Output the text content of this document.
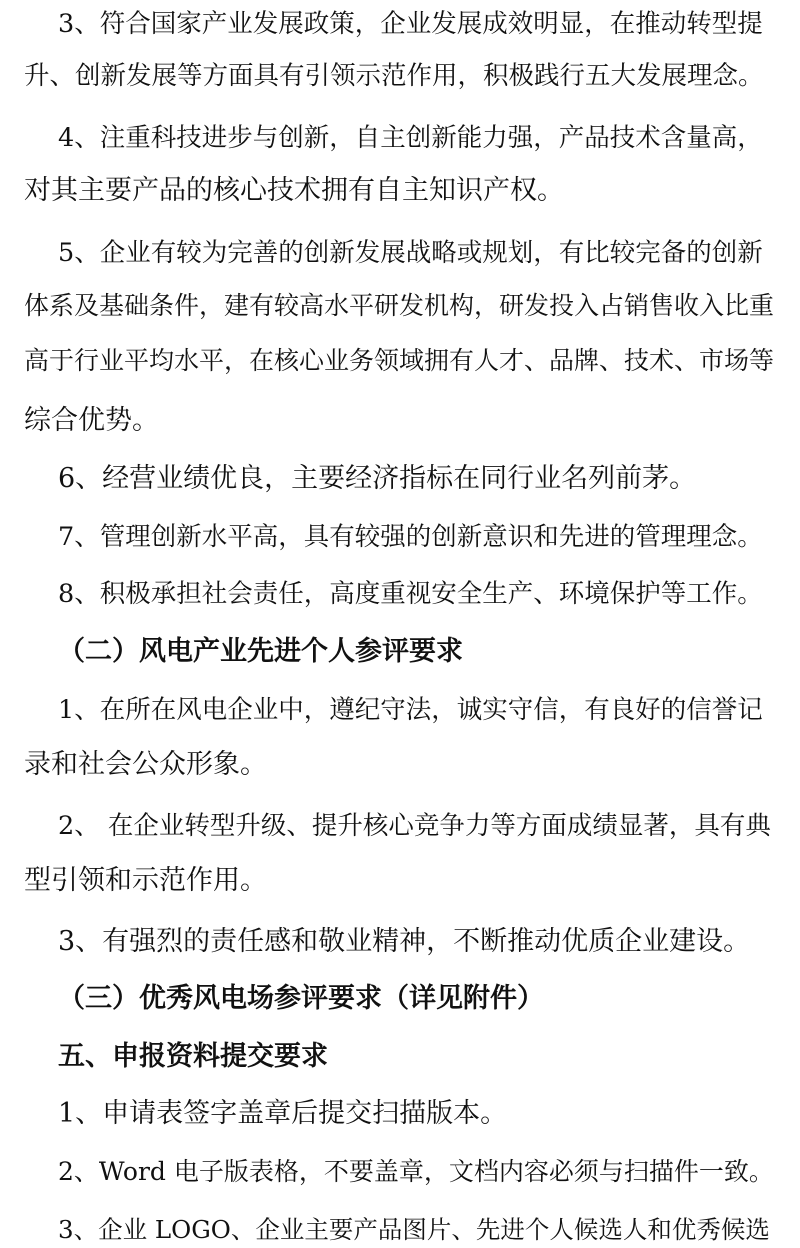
3、符合国家产业发展政策，企业发展成效明显，在推动转型提
升、创新发展等方面具有引领示范作用，积极践行五大发展理念。
4、注重科技进步与创新，自主创新能力强，产品技术含量高，
对其主要产品的核心技术拥有自主知识产权。
5、企业有较为完善的创新发展战略或规划，有比较完备的创新
体系及基础条件，建有较高水平研发机构，研发投入占销售收入比重
高于行业平均水平，在核心业务领域拥有人才、品牌、技术、市场等
综合优势。
6、经营业绩优良，主要经济指标在同行业名列前茅。
7、管理创新水平高，具有较强的创新意识和先进的管理理念。
8、积极承担社会责任，高度重视安全生产、环境保护等工作。
（二）风电产业先进个人参评要求
1、在所在风电企业中，遵纪守法，诚实守信，有良好的信誉记
录和社会公众形象。
2、 在企业转型升级、提升核心竞争力等方面成绩显著，具有典
型引领和示范作用。
3、有强烈的责任感和敬业精神，不断推动优质企业建设。
（三）优秀风电场参评要求（详见附件）
五、申报资料提交要求
1、申请表签字盖章后提交扫描版本。
2、Word 电子版表格，不要盖章，文档内容必须与扫描件一致。
3、企业 LOGO、企业主要产品图片、先进个人候选人和优秀候选
